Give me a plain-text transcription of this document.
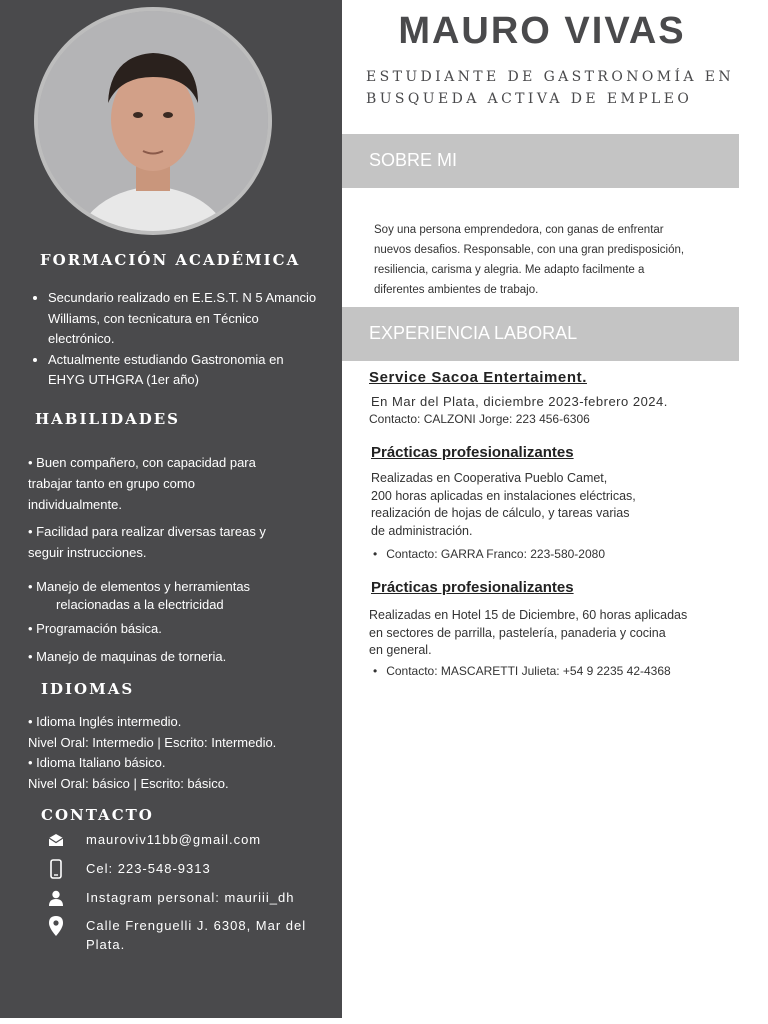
FORMACIÓN ACADÉMICA
• Secundario realizado en E.E.S.T. N 5 Amancio Williams, con tecnicatura en Técnico electrónico.
• Actualmente estudiando Gastronomia en EHYG UTHGRA (1er año)
HABILIDADES

• Buen compañero, con capacidad para trabajar tanto en grupo como individualmente.

• Facilidad para realizar diversas tareas y seguir instrucciones.

• Manejo de elementos y herramientas

relacionadas a la electricidad

• Programación básica.

• Manejo de maquinas de torneria.

IDIOMAS

• Idioma Inglés intermedio.

Nivel Oral: Intermedio | Escrito: Intermedio.

• Idioma Italiano básico.

Nivel Oral: básico | Escrito: básico.

CONTACTO
mauroviv11bb@gmail.com
Cel: 223-548-9313
Instagram personal: mauriii_dh
Calle Frenguelli J. 6308, Mar del Plata.
MAURO VIVAS

ESTUDIANTE DE GASTRONOMÍA EN
BUSQUEDA ACTIVA DE EMPLEO

SOBRE MI

Soy una persona emprendedora, con ganas de enfrentar
nuevos desafios. Responsable, con una gran predisposición,
resiliencia, carisma y alegria. Me adapto facilmente a
diferentes ambientes de trabajo.

EXPERIENCIA LABORAL

Service Sacoa Entertaiment.

En Mar del Plata, diciembre 2023-febrero 2024.

Contacto: CALZONI Jorge: 223 456-6306

Prácticas profesionalizantes

Realizadas en Cooperativa Pueblo Camet,
200 horas aplicadas en instalaciones eléctricas,
realización de hojas de cálculo, y tareas varias
de administración.

• Contacto: GARRA Franco: 223-580-2080

Prácticas profesionalizantes

Realizadas en Hotel 15 de Diciembre, 60 horas aplicadas
en sectores de parrilla, pastelería, panaderia y cocina
en general.

• Contacto: MASCARETTI Julieta: +54 9 2235 42-4368
